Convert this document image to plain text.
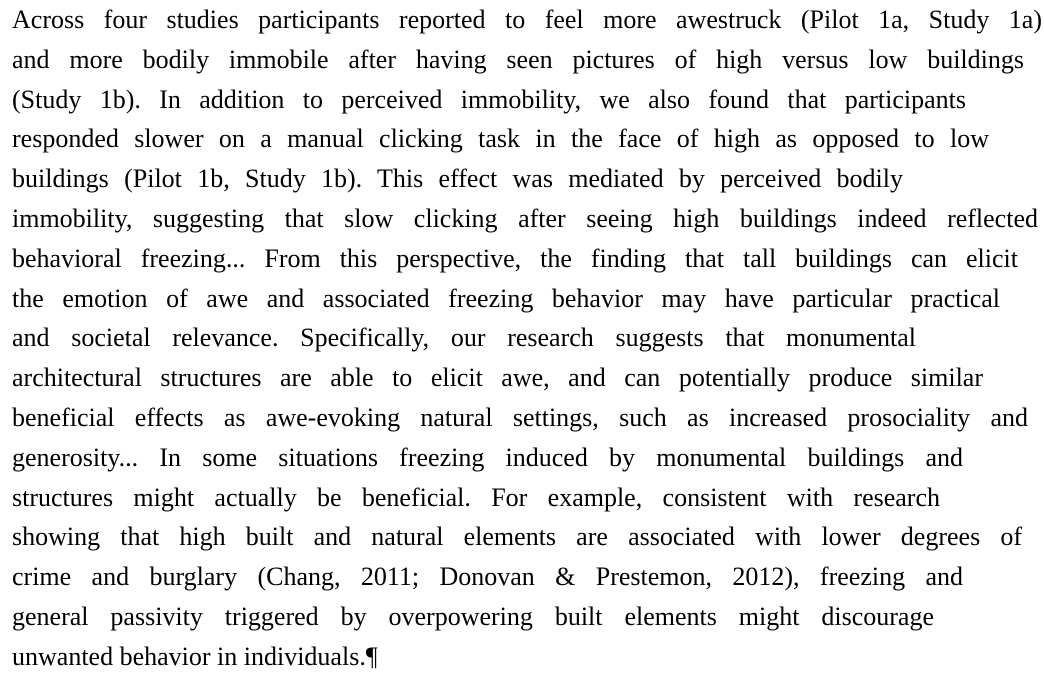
Across four studies participants reported to feel more awestruck (Pilot 1a, Study 1a)
and more bodily immobile after having seen pictures of high versus low buildings
(Study 1b). In addition to perceived immobility, we also found that participants
responded slower on a manual clicking task in the face of high as opposed to low
buildings (Pilot 1b, Study 1b). This effect was mediated by perceived bodily
immobility, suggesting that slow clicking after seeing high buildings indeed reflected
behavioral freezing... From this perspective, the finding that tall buildings can elicit
the emotion of awe and associated freezing behavior may have particular practical
and societal relevance. Specifically, our research suggests that monumental
architectural structures are able to elicit awe, and can potentially produce similar
beneficial effects as awe-evoking natural settings, such as increased prosociality and
generosity... In some situations freezing induced by monumental buildings and
structures might actually be beneficial. For example, consistent with research
showing that high built and natural elements are associated with lower degrees of
crime and burglary (Chang, 2011; Donovan & Prestemon, 2012), freezing and
general passivity triggered by overpowering built elements might discourage
unwanted behavior in individuals.¶
